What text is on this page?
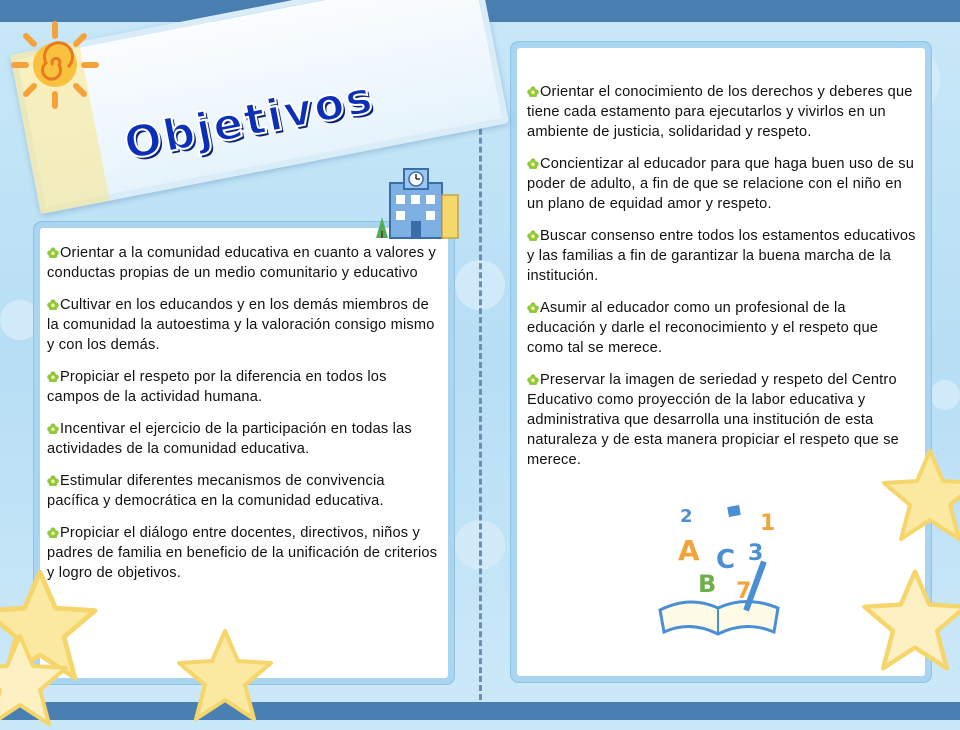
Objetivos
Orientar a la comunidad educativa en cuanto a valores y conductas propias de un medio comunitario y educativo
Cultivar en los educandos y en los demás miembros de la comunidad la autoestima y la valoración consigo mismo y con los demás.
Propiciar el respeto por la diferencia en todos los campos de la actividad humana.
Incentivar el ejercicio de la participación en todas las actividades de la comunidad educativa.
Estimular diferentes mecanismos de convivencia pacífica y democrática en la comunidad educativa.
Propiciar el diálogo entre docentes, directivos, niños y padres de familia en beneficio de la unificación de criterios y logro de objetivos.
Orientar el conocimiento de los derechos y deberes que tiene cada estamento para ejecutarlos y vivirlos en un ambiente de justicia, solidaridad y respeto.
Concientizar al educador para que haga buen uso de su poder de adulto, a fin de que se relacione con el niño en un plano de equidad amor y respeto.
Buscar consenso entre todos los estamentos educativos y las familias a fin de garantizar la buena marcha de la institución.
Asumir al educador como un profesional de la educación y darle el reconocimiento y el respeto que como tal se merece.
Preservar la imagen de seriedad y respeto del Centro Educativo como proyección de la labor educativa y administrativa que desarrolla una institución de esta naturaleza y de esta manera propiciar el respeto que se merece.
2	1
A C 3
B 7
